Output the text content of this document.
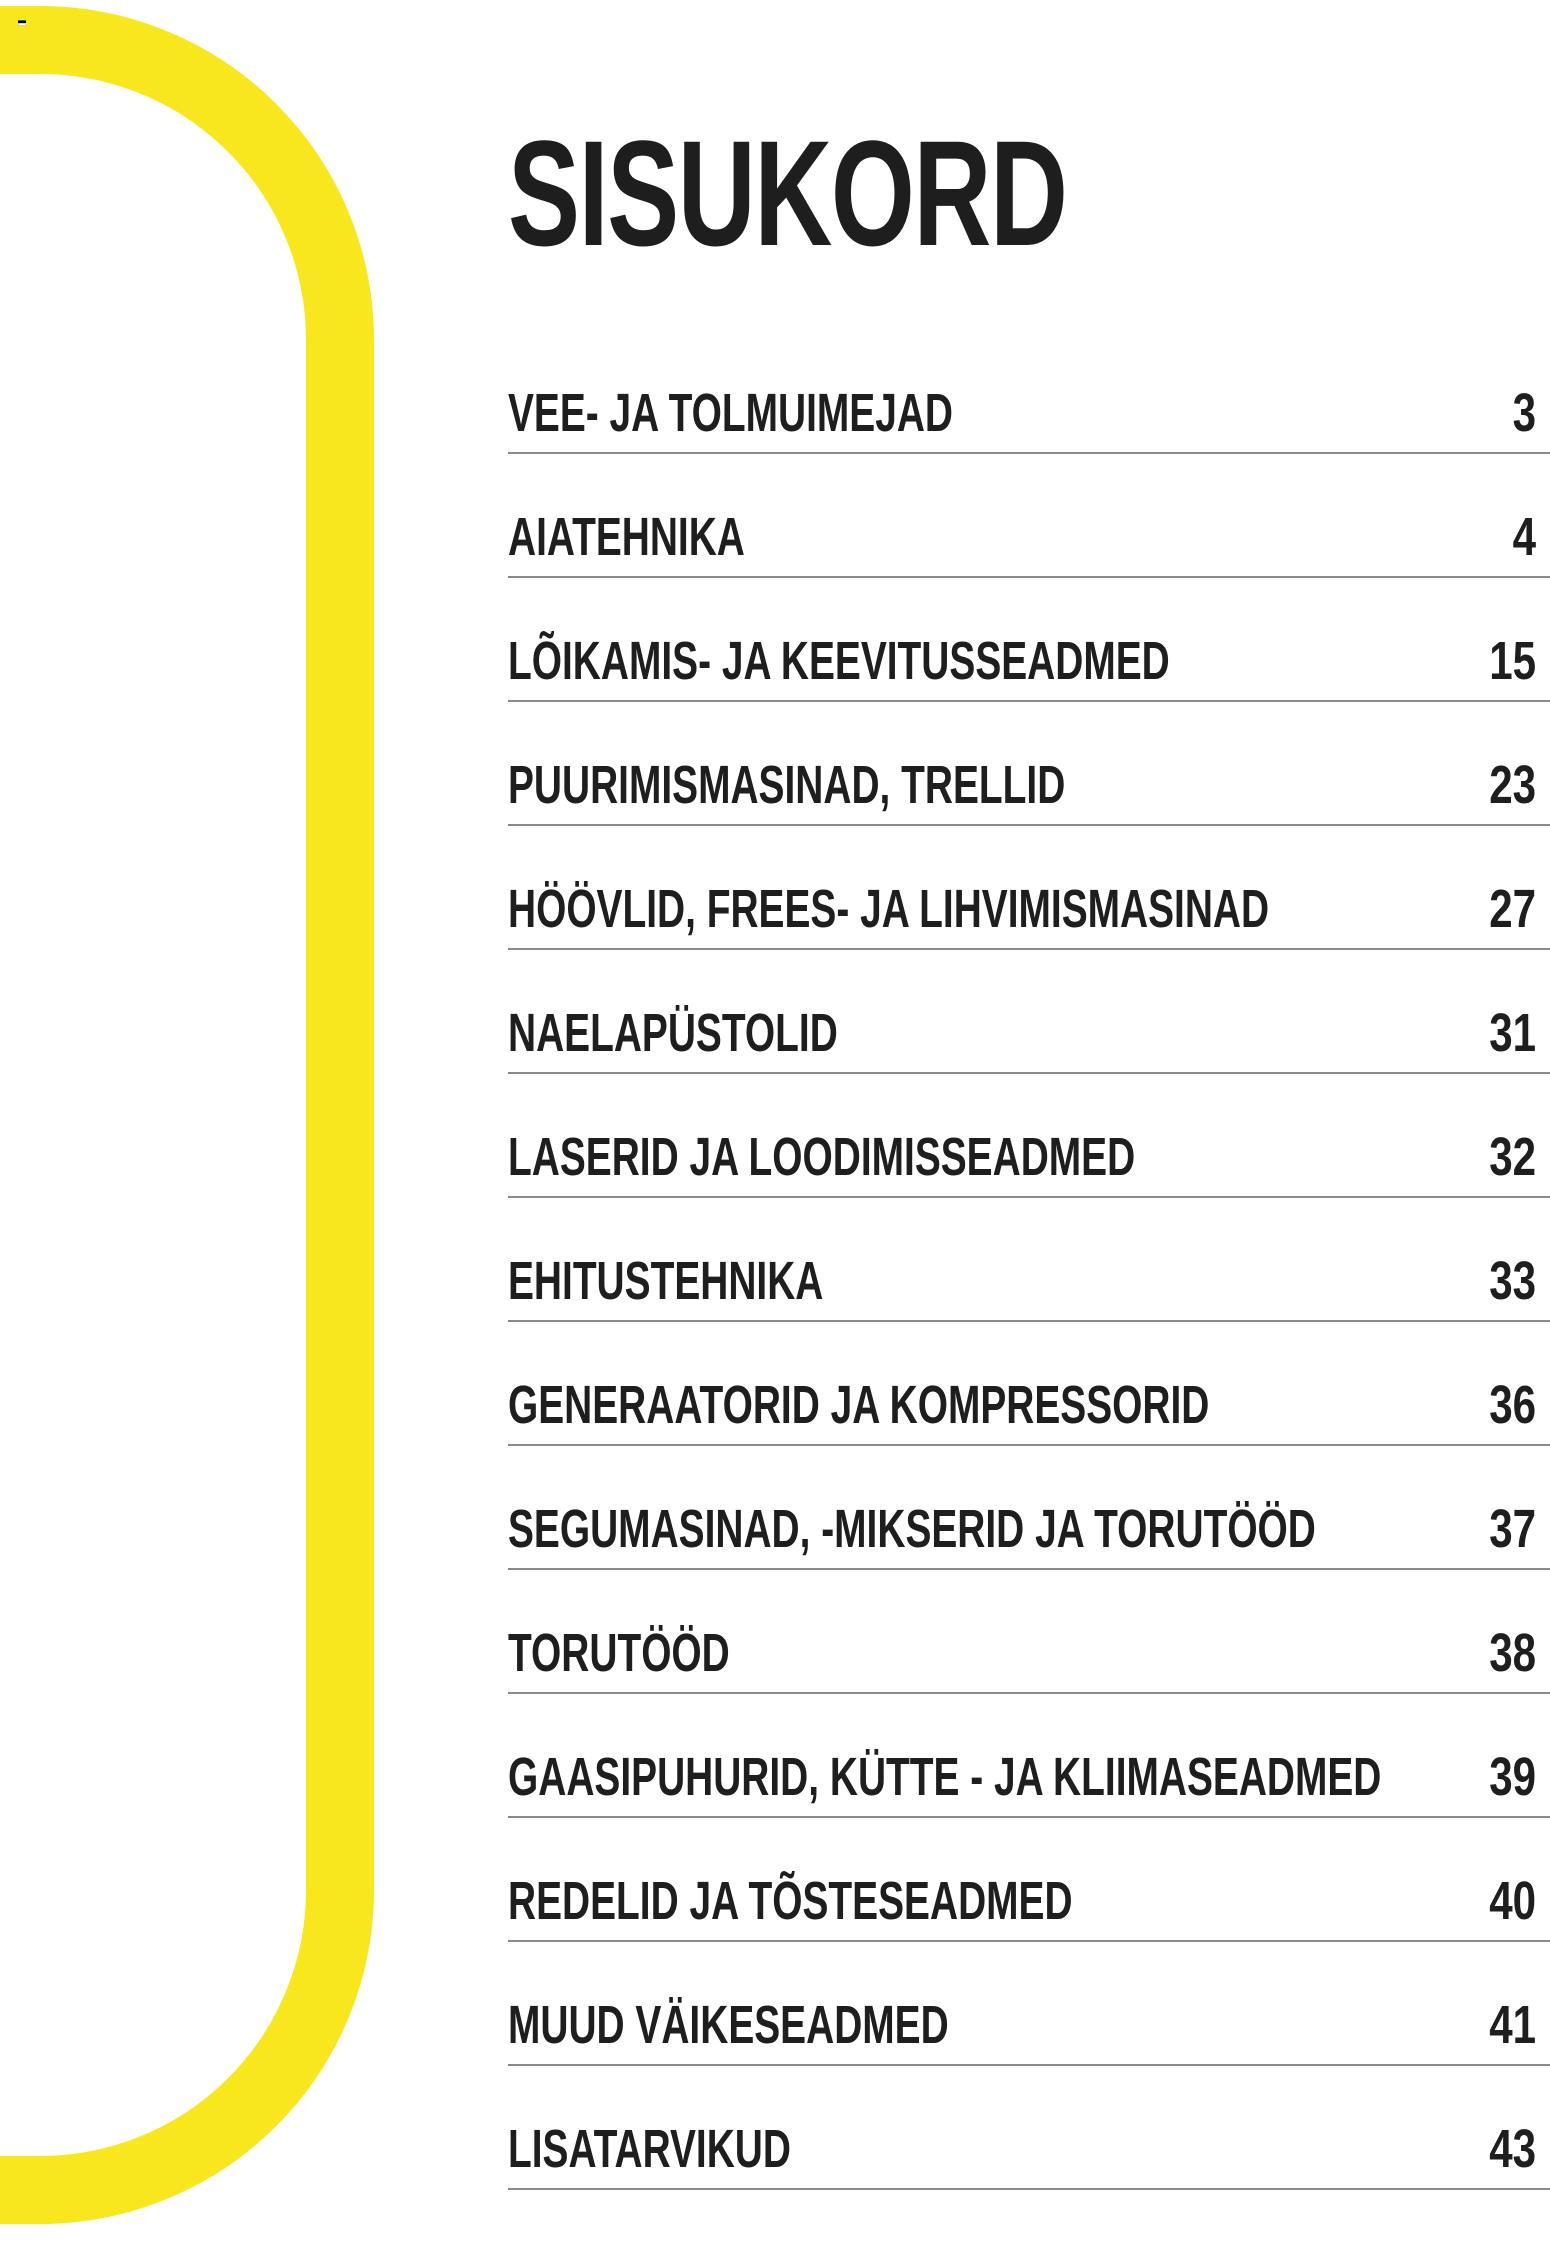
SISUKORD
VEE- JA TOLMUIMEJAD	3
AIATEHNIKA	4
LÕIKAMIS- JA KEEVITUSSEADMED	15
PUURIMISMASINAD, TRELLID	23
HÖÖVLID, FREES- JA LIHVIMISMASINAD	27
NAELAPÜSTOLID	31
LASERID JA LOODIMISSEADMED	32
EHITUSTEHNIKA	33
GENERAATORID JA KOMPRESSORID	36
SEGUMASINAD, -MIKSERID JA TORUTÖÖD	37
TORUTÖÖD	38
GAASIPUHURID, KÜTTE - JA KLIIMASEADMED 39
REDELID JA TÕSTESEADMED	40
MUUD VÄIKESEADMED	41
LISATARVIKUD	43
